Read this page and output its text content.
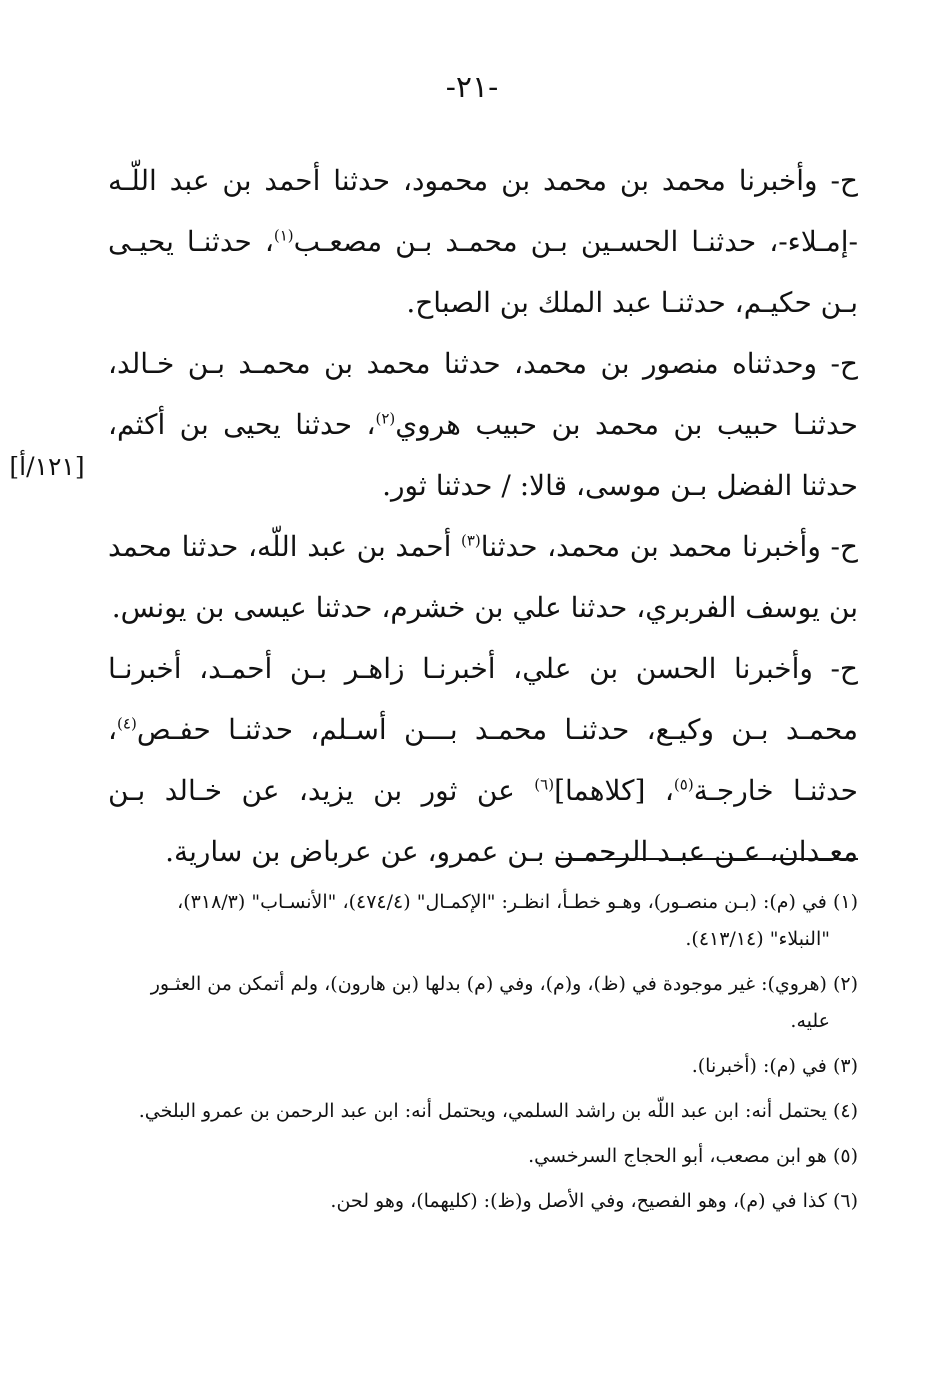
-٢١-
[١٢١/أ]

ح- وأخبرنا محمد بن محمد بن محمود، حدثنا أحمد بن عبد اللّـه -إمـلاء-، حدثنـا الحسـين بـن محمـد بـن مصعـب$^{(١)}$، حدثنـا يحيـى بـن حكيـم، حدثنـا عبد الملك بن الصباح.

ح- وحدثناه منصور بن محمد، حدثنا محمد بن محمـد بـن خـالد، حدثنـا حبيب بن محمد بن حبيب هروي$^{(٢)}$، حدثنا يحيى بن أكثم، حدثنا الفضل بـن موسى، قالا: / حدثنا ثور.

ح- وأخبرنا محمد بن محمد، حدثنا$^{(٣)}$ أحمد بن عبد اللّه، حدثنا محمد بن يوسف الفربري، حدثنا علي بن خشرم، حدثنا عيسى بن يونس.

ح- وأخبرنا الحسن بن علي، أخبرنـا زاهـر بـن أحمـد، أخبرنـا محمـد بـن وكيـع، حدثنـا محمـد بـــن أسـلم، حدثنـا حفـص$^{(٤)}$، حدثنـا خارجـة$^{(٥)}$، [كلاهما]$^{(٦)}$ عن ثور بن يزيد، عن خـالد بـن معـدان، عـن عبـد الرحمـن بـن عمرو، عن عرباض بن سارية.

(١) في (م): (بـن منصـور)، وهـو خطـأ، انظـر: "الإكمـال" (٤٧٤/٤)، "الأنسـاب" (٣١٨/٣)،
"النبلاء" (٤١٣/١٤).

(٢) (هروي): غير موجودة في (ظ)، و(م)، وفي (م) بدلها (بن هارون)، ولم أتمكن من العثـور
عليه.

(٣) في (م): (أخبرنا).

(٤) يحتمل أنه: ابن عبد اللّه بن راشد السلمي، ويحتمل أنه: ابن عبد الرحمن بن عمرو البلخي.

(٥) هو ابن مصعب، أبو الحجاج السرخسي.

(٦) كذا في (م)، وهو الفصيح، وفي الأصل و(ظ): (كليهما)، وهو لحن.
